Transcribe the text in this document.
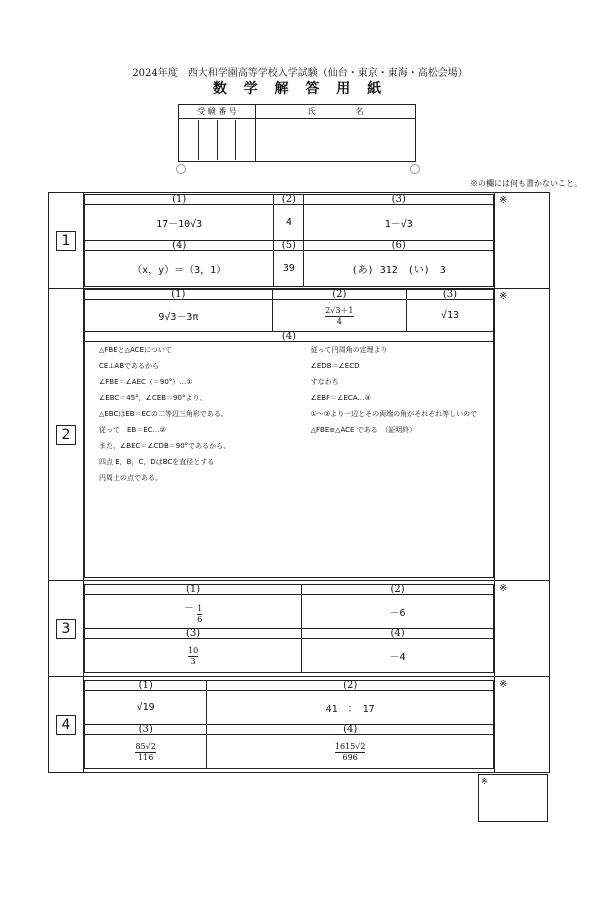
2024年度　西大和学園高等学校入学試験（仙台・東京・東海・高松会場）
数 学 解 答 用 紙
受 験 番 号	氏　　　　　名

※の欄には何も書かないこと。
1	
(1)	(2)	(3)
17－10√3	4	1－√3
(4)	(5)	(6)
（x，y）＝（3，1）	39	(あ) 312　(い)　3
	※
2	
(1)	(2)	(3)
9√3－3π	$\frac{2√3+1}{4}$	√13
(4)

△FBEと△ACEについて
CE⊥ABであるから
∠FBE＝∠AEC（＝90°）…①
∠EBC＝45°，∠CEB＝90°より、
△EBCはEB＝ECの二等辺三角形である。
従って　EB＝EC…②
また、∠BEC＝∠CDB＝90°であるから、
四点 E，B，C，DはBCを直径とする
円周上の点である。
従って円周角の定理より
∠EDB＝∠ECD
すなわち
∠EBF＝∠ECA…③
①〜③より一辺とその両端の角がそれぞれ等しいので
△FBE≡△ACE である　（証明終）
	※
3	
(1)	(2)
－ $\frac{1}{6}$	－6
(3)	(4)

$\frac{10}{3}$	－4
	※
4	
(1)	(2)
√19	41　：　17
(3)	(4)

$\frac{85√2}{116}$	$\frac{1615√2}{696}$
	※
※
